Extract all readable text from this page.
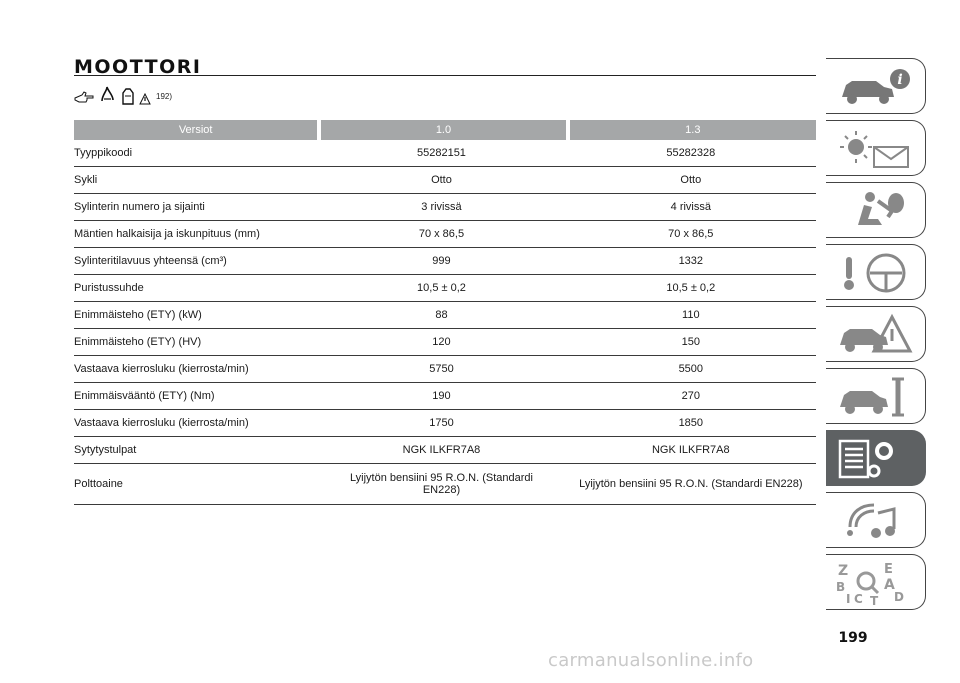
MOOTTORI
192)
Versiot		1.0		1.3
Tyyppikoodi	55282151		55282328	
Sykli	Otto		Otto	
Sylinterin numero ja sijainti	3 rivissä		4 rivissä	
Mäntien halkaisija ja iskunpituus (mm)	70 x 86,5		70 x 86,5	
Sylinteritilavuus yhteensä (cm³)	999		1332	
Puristussuhde	10,5 ± 0,2		10,5 ± 0,2	
Enimmäisteho (ETY) (kW)	88		110	
Enimmäisteho (ETY) (HV)	120		150	
Vastaava kierrosluku (kierrosta/min)	5750		5500	
Enimmäisvääntö (ETY) (Nm)	190		270	
Vastaava kierrosluku (kierrosta/min)	1750		1850	
Sytytystulpat	NGK ILKFR7A8		NGK ILKFR7A8	
Polttoaine	Lyijytön bensiini 95 R.O.N. (Standardi EN228)		Lyijytön bensiini 95 R.O.N. (Standardi EN228)	
i
Z	E
A
B
C	D
T
I
199
carmanualsonline.info
